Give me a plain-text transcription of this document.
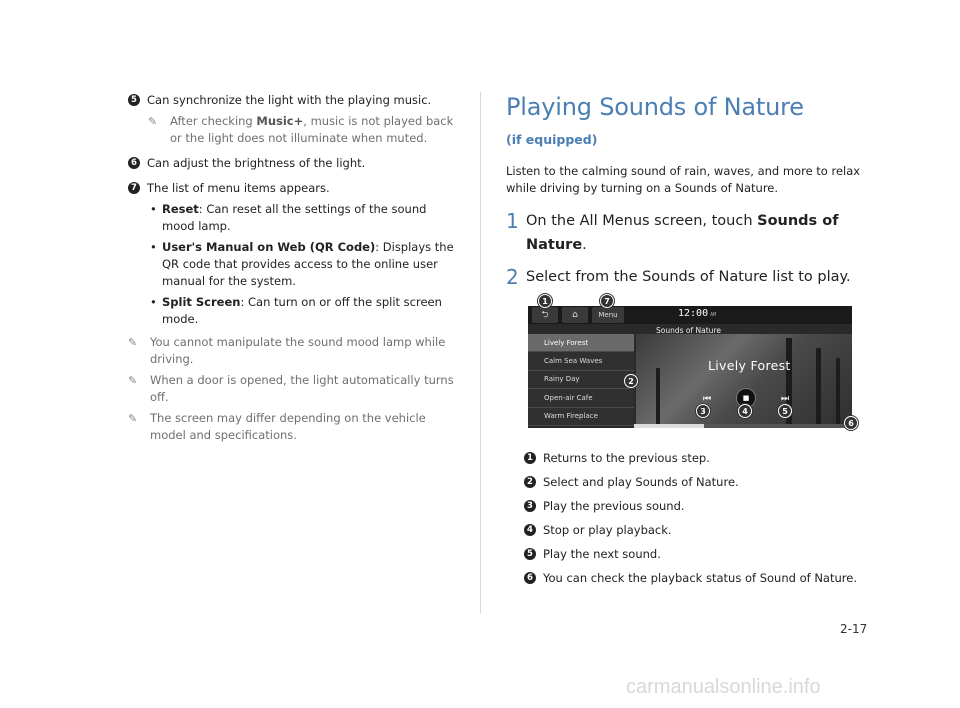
5 Can synchronize the light with the playing music.
✎ After checking Music+, music is not played back or the light does not illuminate when muted.
6 Can adjust the brightness of the light.
7 The list of menu items appears.
• Reset: Can reset all the settings of the sound mood lamp.
• User's Manual on Web (QR Code): Displays the QR code that provides access to the online user manual for the system.
• Split Screen: Can turn on or off the split screen mode.
✎ You cannot manipulate the sound mood lamp while driving.
✎ When a door is opened, the light automatically turns off.
✎ The screen may differ depending on the vehicle model and specifications.
Playing Sounds of Nature
(if equipped)

Listen to the calming sound of rain, waves, and more to relax while driving by turning on a Sounds of Nature.

1 On the All Menus screen, touch Sounds of Nature.
2 Select from the Sounds of Nature list to play.
⮌	⌂	Menu	12:00 AM
Sounds of Nature
Lively Forest
Calm Sea Waves
Rainy Day
Open-air Cafe
Warm Fireplace
Lively Forest
⏮	■	⏭
1	7
2
3	4	5
6
1 Returns to the previous step.
2 Select and play Sounds of Nature.
3 Play the previous sound.
4 Stop or play playback.
5 Play the next sound.
6 You can check the playback status of Sound of Nature.
2-17
carmanualsonline.info
